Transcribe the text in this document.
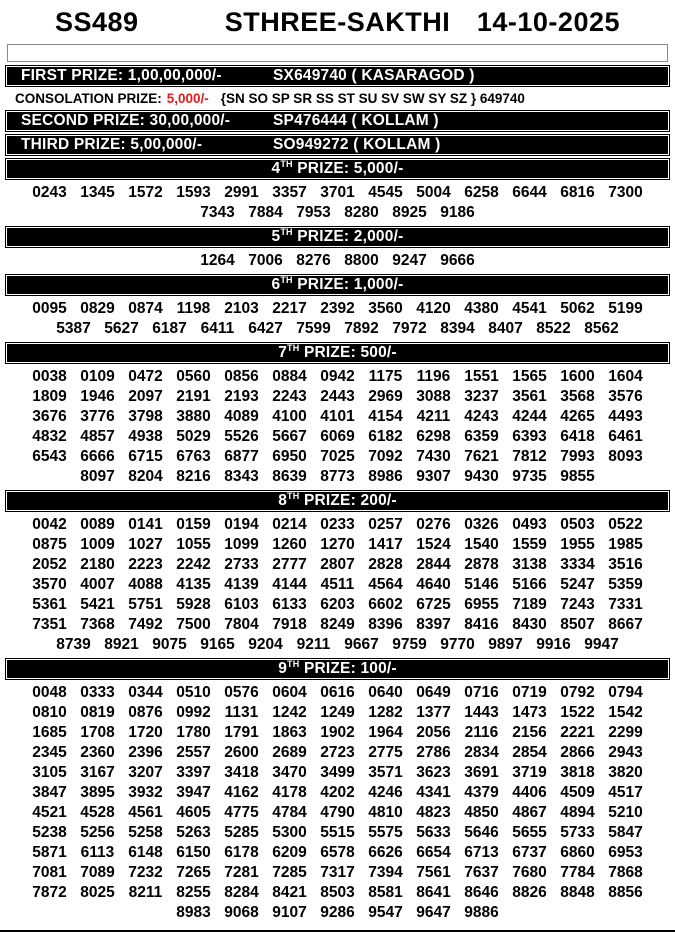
SS489	STHREE-SAKTHI 14-10-2025
FIRST PRIZE: 1,00,00,000/-	SX649740 ( KASARAGOD )
CONSOLATION PRIZE: 5,000/- {SN SO SP SR SS ST SU SV SW SY SZ } 649740
SECOND PRIZE: 30,00,000/-	SP476444 ( KOLLAM )
THIRD PRIZE: 5,00,000/-	SO949272 ( KOLLAM )
4TH PRIZE: 5,000/-
0243 1345 1572 1593 2991 3357 3701 4545 5004 6258 6644 6816 7300
7343 7884 7953 8280 8925 9186
5TH PRIZE: 2,000/-
1264 7006 8276 8800 9247 9666
6TH PRIZE: 1,000/-
0095 0829 0874 1198 2103 2217 2392 3560 4120 4380 4541 5062 5199
5387 5627 6187 6411 6427 7599 7892 7972 8394 8407 8522 8562
7TH PRIZE: 500/-
0038 0109 0472 0560 0856 0884 0942 1175 1196 1551 1565 1600 1604
1809 1946 2097 2191 2193 2243 2443 2969 3088 3237 3561 3568 3576
3676 3776 3798 3880 4089 4100 4101 4154 4211 4243 4244 4265 4493
4832 4857 4938 5029 5526 5667 6069 6182 6298 6359 6393 6418 6461
6543 6666 6715 6763 6877 6950 7025 7092 7430 7621 7812 7993 8093
8097 8204 8216 8343 8639 8773 8986 9307 9430 9735 9855
8TH PRIZE: 200/-
0042 0089 0141 0159 0194 0214 0233 0257 0276 0326 0493 0503 0522
0875 1009 1027 1055 1099 1260 1270 1417 1524 1540 1559 1955 1985
2052 2180 2223 2242 2733 2777 2807 2828 2844 2878 3138 3334 3516
3570 4007 4088 4135 4139 4144 4511 4564 4640 5146 5166 5247 5359
5361 5421 5751 5928 6103 6133 6203 6602 6725 6955 7189 7243 7331
7351 7368 7492 7500 7804 7918 8249 8396 8397 8416 8430 8507 8667
8739 8921 9075 9165 9204 9211 9667 9759 9770 9897 9916 9947
9TH PRIZE: 100/-
0048 0333 0344 0510 0576 0604 0616 0640 0649 0716 0719 0792 0794
0810 0819 0876 0992 1131 1242 1249 1282 1377 1443 1473 1522 1542
1685 1708 1720 1780 1791 1863 1902 1964 2056 2116 2156 2221 2299
2345 2360 2396 2557 2600 2689 2723 2775 2786 2834 2854 2866 2943
3105 3167 3207 3397 3418 3470 3499 3571 3623 3691 3719 3818 3820
3847 3895 3932 3947 4162 4178 4202 4246 4341 4379 4406 4509 4517
4521 4528 4561 4605 4775 4784 4790 4810 4823 4850 4867 4894 5210
5238 5256 5258 5263 5285 5300 5515 5575 5633 5646 5655 5733 5847
5871 6113 6148 6150 6178 6209 6578 6626 6654 6713 6737 6860 6953
7081 7089 7232 7265 7281 7285 7317 7394 7561 7637 7680 7784 7868
7872 8025 8211 8255 8284 8421 8503 8581 8641 8646 8826 8848 8856
8983 9068 9107 9286 9547 9647 9886
